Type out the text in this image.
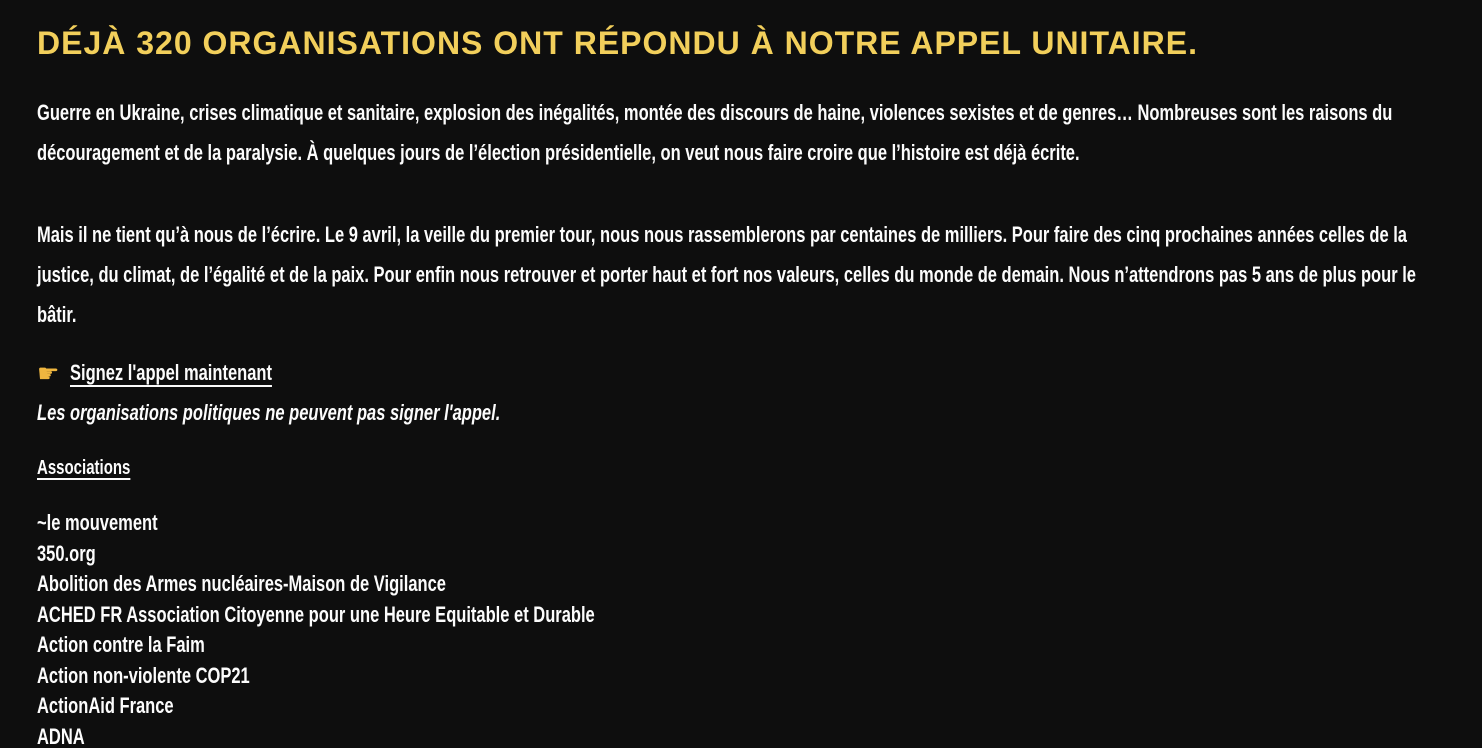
DÉJÀ 320 ORGANISATIONS ONT RÉPONDU À NOTRE APPEL UNITAIRE.

Guerre en Ukraine, crises climatique et sanitaire, explosion des inégalités, montée des discours de haine, violences sexistes et de genres… Nombreuses sont les raisons du découragement et de la paralysie. À quelques jours de l’élection présidentielle, on veut nous faire croire que l’histoire est déjà écrite.

Mais il ne tient qu’à nous de l’écrire. Le 9 avril, la veille du premier tour, nous nous rassemblerons par centaines de milliers. Pour faire des cinq prochaines années celles de la justice, du climat, de l’égalité et de la paix. Pour enfin nous retrouver et porter haut et fort nos valeurs, celles du monde de demain. Nous n’attendrons pas 5 ans de plus pour le bâtir.

☛ Signez l'appel maintenant

Les organisations politiques ne peuvent pas signer l'appel.

Associations
~le mouvement
350.org
Abolition des Armes nucléaires-Maison de Vigilance
ACHED FR Association Citoyenne pour une Heure Equitable et Durable
Action contre la Faim
Action non-violente COP21
ActionAid France
ADNA
